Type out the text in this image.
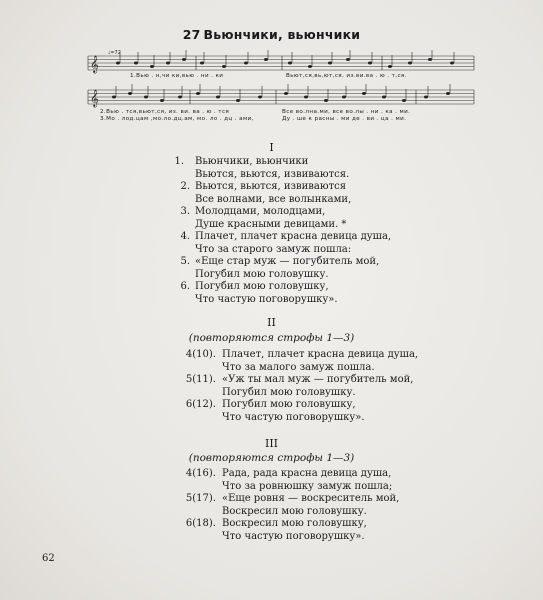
27 Вьюнчики, вьюнчики
𝄞
♩=72
𝄞
1.Вью . н,чи ки,вью . ни . ки	Вьют,ся,вь,ют,ся, из.ви.ва . ю . т,ся.
2.Вью . тся,вьют,ся, из. ви. ва . ю . тся
3.Мо . лод.цам ,мо.ло.дц.ам, мо. ло . дц . ами,
Все во.лна.ми, все во.лы . ни . ка . ми.
Ду . ше к расны . ми де . ви . ца . ми.
I
1. Вьюнчики, вьюнчики
Вьются, вьются, извиваются.
2. Вьются, вьются, извиваются
Все волнами, все волынками,
3. Молодцами, молодцами,
Душе красными девицами. *
4. Плачет, плачет красна девица душа,
Что за старого замуж пошла:
5. «Еще стар муж — погубитель мой,
Погубил мою головушку.
6. Погубил мою головушку,
Что частую поговорушку».
II
(повторяются строфы 1—3)
4(10). Плачет, плачет красна девица душа,
Что за малого замуж пошла.
5(11). «Уж ты мал муж — погубитель мой,
Погубил мою головушку.
6(12). Погубил мою головушку,
Что частую поговорушку».
III
(повторяются строфы 1—3)
4(16). Рада, рада красна девица душа,
Что за ровнюшку замуж пошла;
5(17). «Еще ровня — воскреситель мой,
Воскресил мою головушку.
6(18). Воскресил мою головушку,
Что частую поговорушку».
62
